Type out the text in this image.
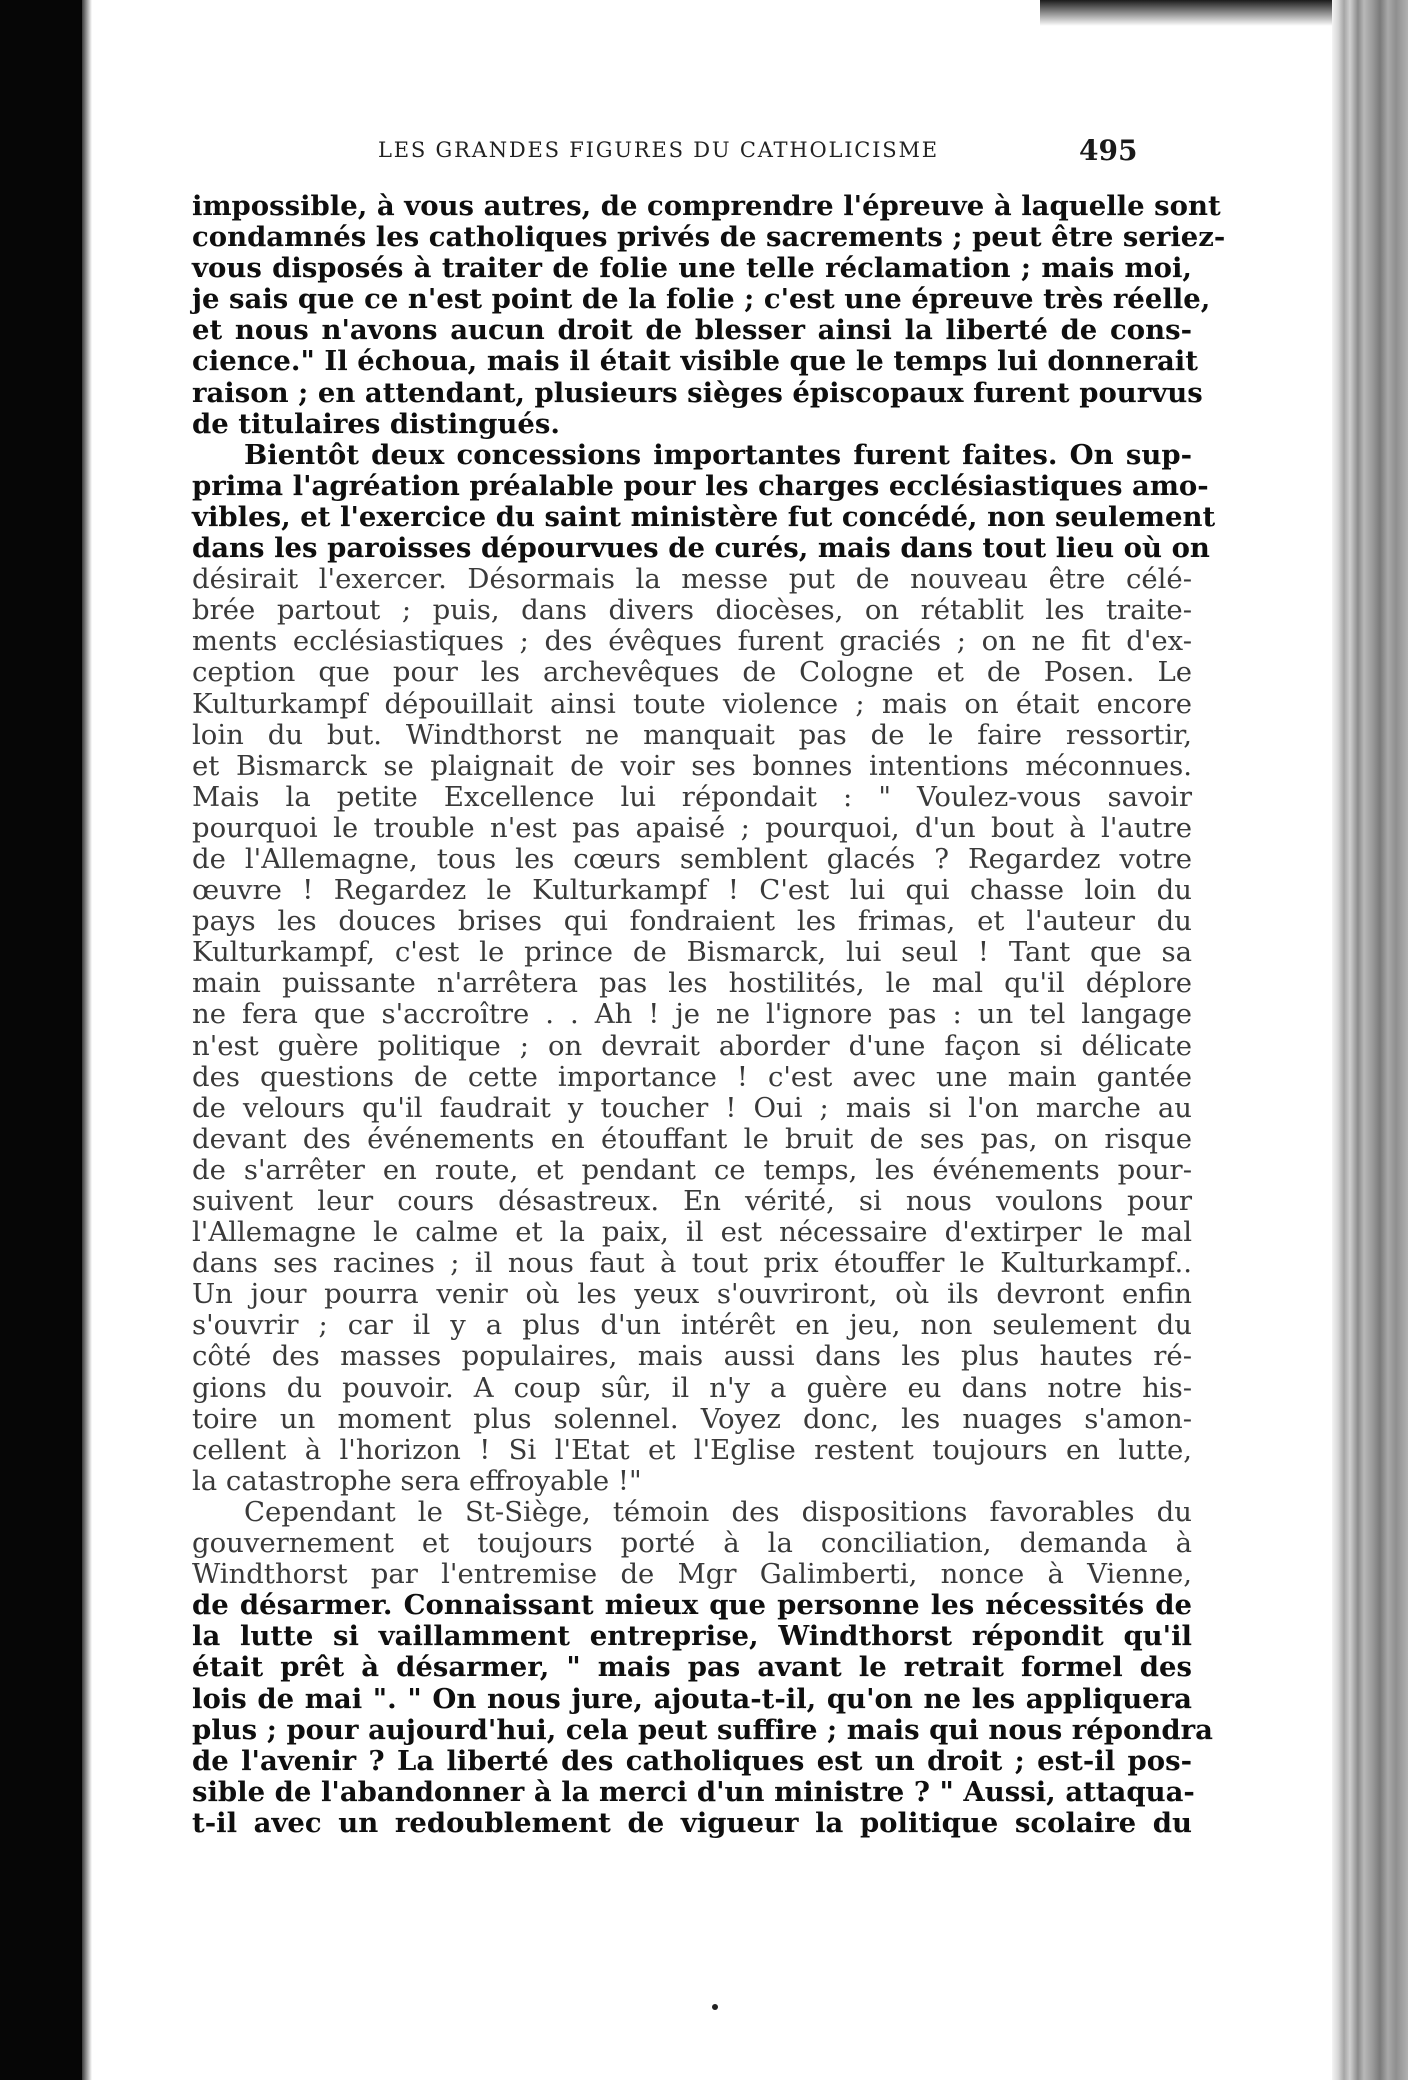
LES GRANDES FIGURES DU CATHOLICISME	495
impossible, à vous autres, de comprendre l'épreuve à laquelle sont
condamnés les catholiques privés de sacrements ; peut être seriez-
vous disposés à traiter de folie une telle réclamation ; mais moi,
je sais que ce n'est point de la folie ; c'est une épreuve très réelle,
et nous n'avons aucun droit de blesser ainsi la liberté de cons-
cience." Il échoua, mais il était visible que le temps lui donnerait
raison ; en attendant, plusieurs sièges épiscopaux furent pourvus
de titulaires distingués.
Bientôt deux concessions importantes furent faites. On sup-
prima l'agréation préalable pour les charges ecclésiastiques amo-
vibles, et l'exercice du saint ministère fut concédé, non seulement
dans les paroisses dépourvues de curés, mais dans tout lieu où on
désirait l'exercer. Désormais la messe put de nouveau être célé-
brée partout ; puis, dans divers diocèses, on rétablit les traite-
ments ecclésiastiques ; des évêques furent graciés ; on ne fit d'ex-
ception que pour les archevêques de Cologne et de Posen. Le
Kulturkampf dépouillait ainsi toute violence ; mais on était encore
loin du but. Windthorst ne manquait pas de le faire ressortir,
et Bismarck se plaignait de voir ses bonnes intentions méconnues.
Mais la petite Excellence lui répondait : " Voulez-vous savoir
pourquoi le trouble n'est pas apaisé ; pourquoi, d'un bout à l'autre
de l'Allemagne, tous les cœurs semblent glacés ? Regardez votre
œuvre ! Regardez le Kulturkampf ! C'est lui qui chasse loin du
pays les douces brises qui fondraient les frimas, et l'auteur du
Kulturkampf, c'est le prince de Bismarck, lui seul ! Tant que sa
main puissante n'arrêtera pas les hostilités, le mal qu'il déplore
ne fera que s'accroître . . Ah ! je ne l'ignore pas : un tel langage
n'est guère politique ; on devrait aborder d'une façon si délicate
des questions de cette importance ! c'est avec une main gantée
de velours qu'il faudrait y toucher ! Oui ; mais si l'on marche au
devant des événements en étouffant le bruit de ses pas, on risque
de s'arrêter en route, et pendant ce temps, les événements pour-
suivent leur cours désastreux. En vérité, si nous voulons pour
l'Allemagne le calme et la paix, il est nécessaire d'extirper le mal
dans ses racines ; il nous faut à tout prix étouffer le Kulturkampf..
Un jour pourra venir où les yeux s'ouvriront, où ils devront enfin
s'ouvrir ; car il y a plus d'un intérêt en jeu, non seulement du
côté des masses populaires, mais aussi dans les plus hautes ré-
gions du pouvoir. A coup sûr, il n'y a guère eu dans notre his-
toire un moment plus solennel. Voyez donc, les nuages s'amon-
cellent à l'horizon ! Si l'Etat et l'Eglise restent toujours en lutte,
la catastrophe sera effroyable !"
Cependant le St-Siège, témoin des dispositions favorables du
gouvernement et toujours porté à la conciliation, demanda à
Windthorst par l'entremise de Mgr Galimberti, nonce à Vienne,
de désarmer. Connaissant mieux que personne les nécessités de
la lutte si vaillamment entreprise, Windthorst répondit qu'il
était prêt à désarmer, " mais pas avant le retrait formel des
lois de mai ". " On nous jure, ajouta-t-il, qu'on ne les appliquera
plus ; pour aujourd'hui, cela peut suffire ; mais qui nous répondra
de l'avenir ? La liberté des catholiques est un droit ; est-il pos-
sible de l'abandonner à la merci d'un ministre ? " Aussi, attaqua-
t-il avec un redoublement de vigueur la politique scolaire du
